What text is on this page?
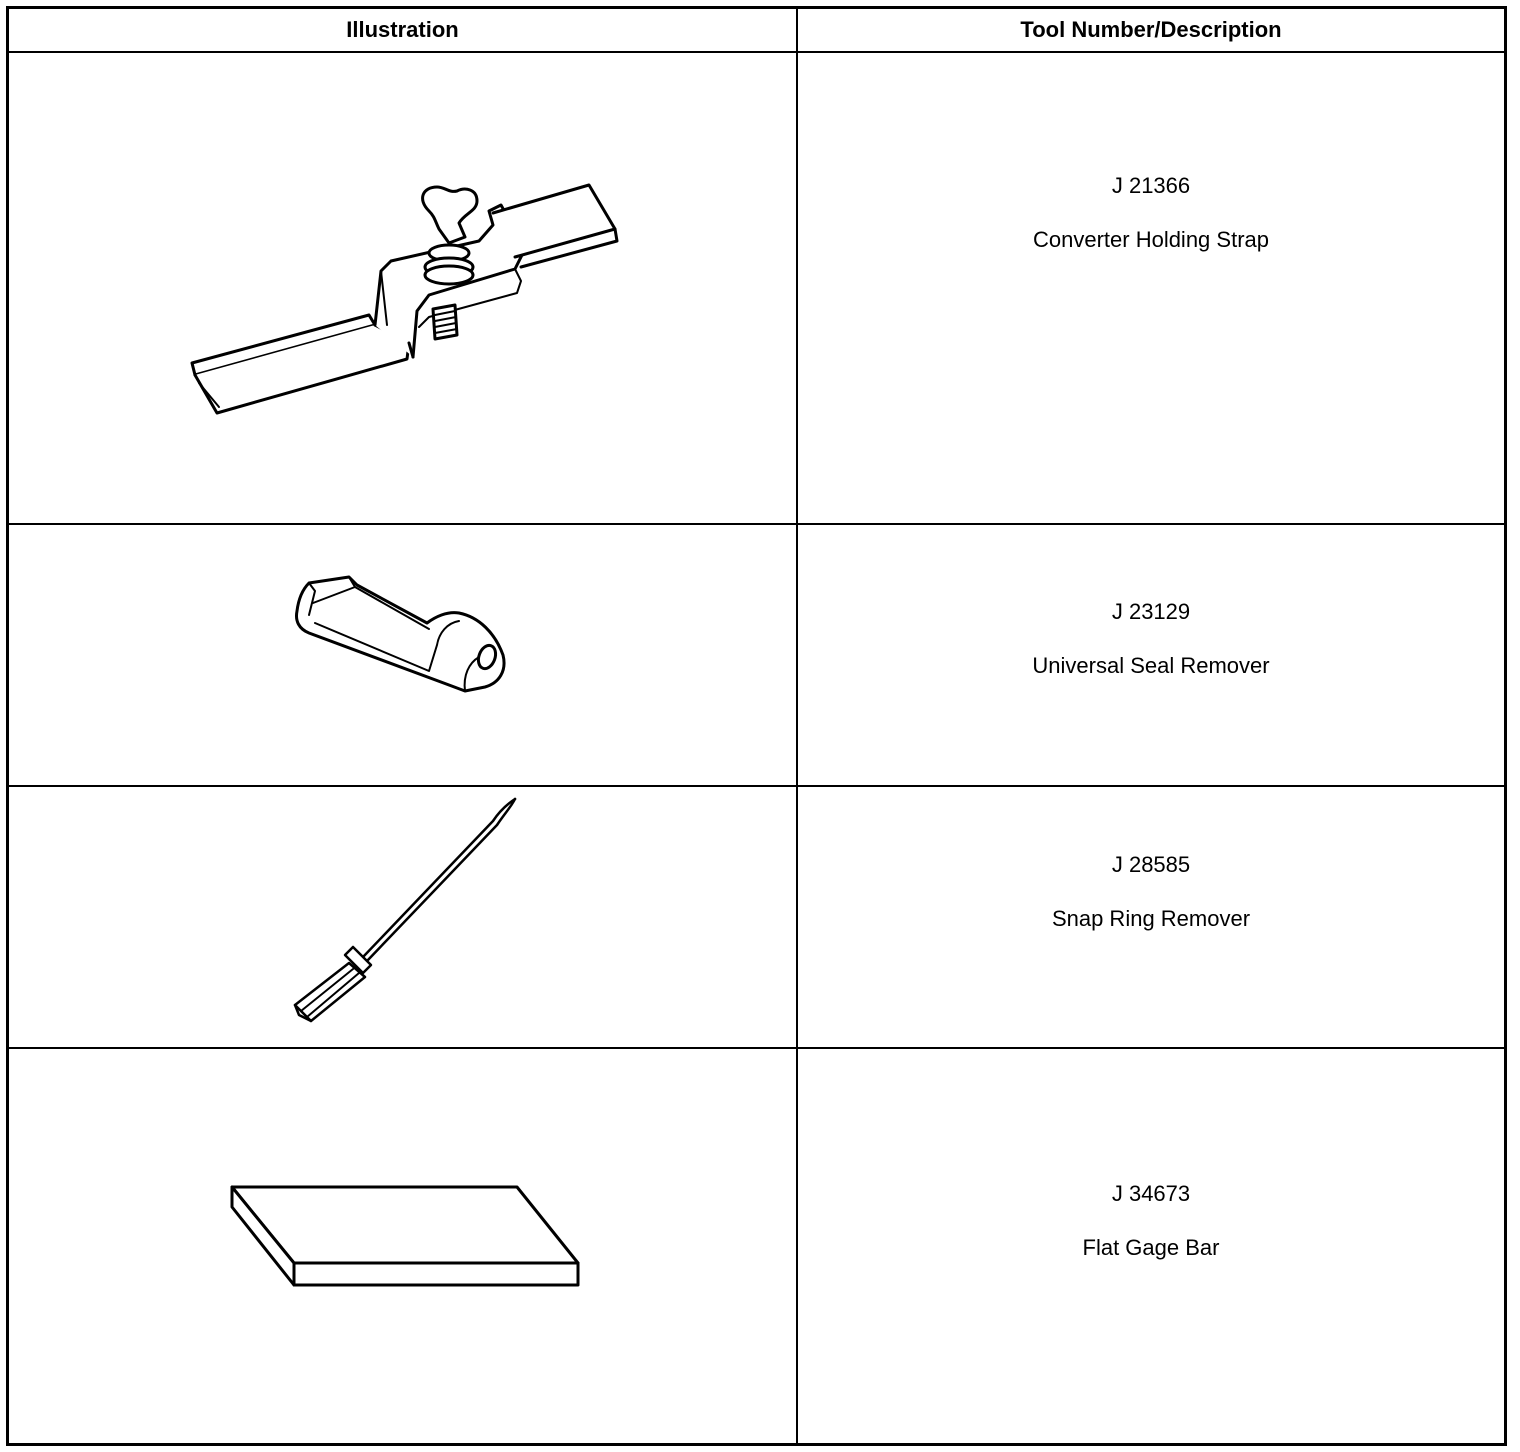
Illustration	Tool Number/Description
J 21366
Converter Holding Strap
J 23129
Universal Seal Remover
J 28585
Snap Ring Remover
J 34673
Flat Gage Bar
